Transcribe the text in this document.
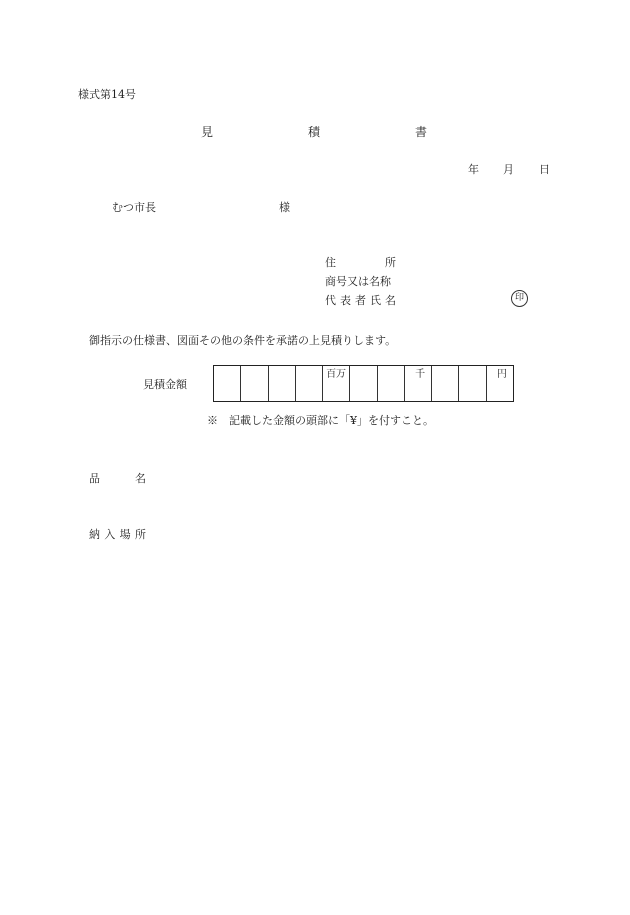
様式第14号
見	積	書
年 月 日
むつ市長	様
住	所
商号又は名称
代 表 者 氏 名	印
御指示の仕様書、図面その他の条件を承諾の上見積りします。
見積金額
百万	千	円
※　記載した金額の頭部に「¥」を付すこと。
品	名
納 入 場 所
